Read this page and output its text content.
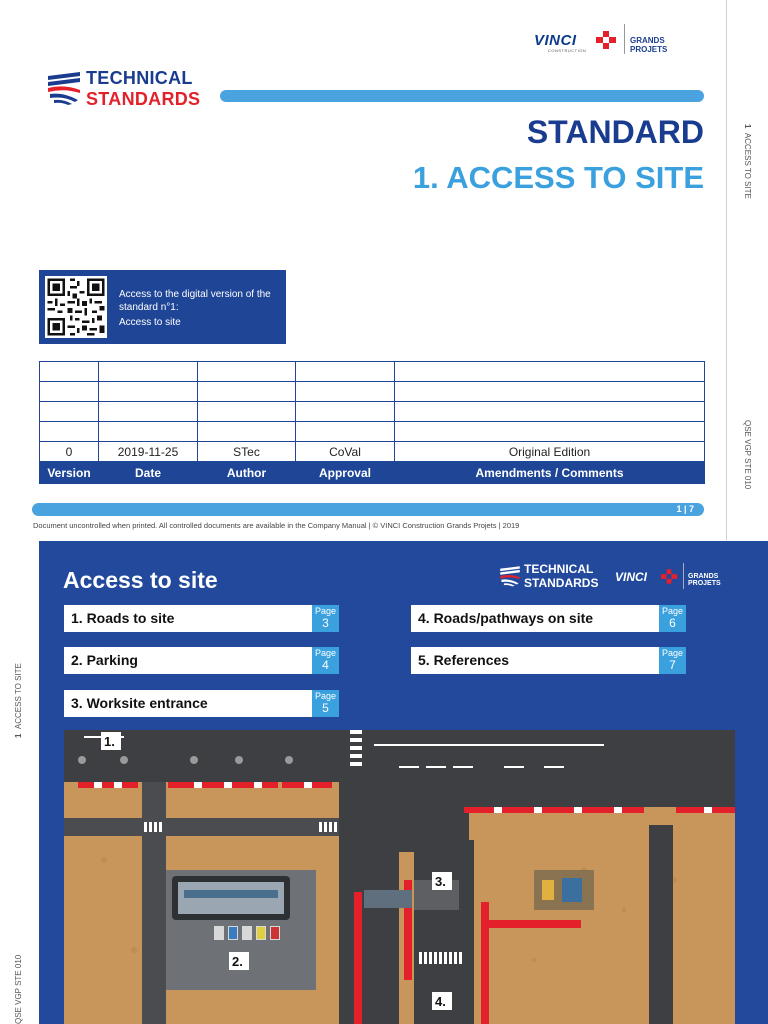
1  ACCESS TO SITE
QSE VGP STE 010
VINCI
CONSTRUCTION
GRANDS PROJETS
TECHNICAL
STANDARDS
STANDARD
1. ACCESS TO SITE
Access to the digital version of the standard n°1:
Access to site

0	2019-11-25	STec	CoVal	Original Edition
Version	Date	Author	Approval	Amendments / Comments
1 | 7
Document uncontrolled when printed. All controlled documents are available in the Company Manual | © VINCI Construction Grands Projets | 2019
1  ACCESS TO SITE
QSE VGP STE 010
Access to site	TECHNICAL
STANDARDS VINCI	GRANDS PROJETS
1. Roads to site	Page
3
2. Parking	Page
4
3. Worksite entrance	Page
5
4. Roads/pathways on site	Page
6
5. References	Page
7
1.
2.
3.
4.
